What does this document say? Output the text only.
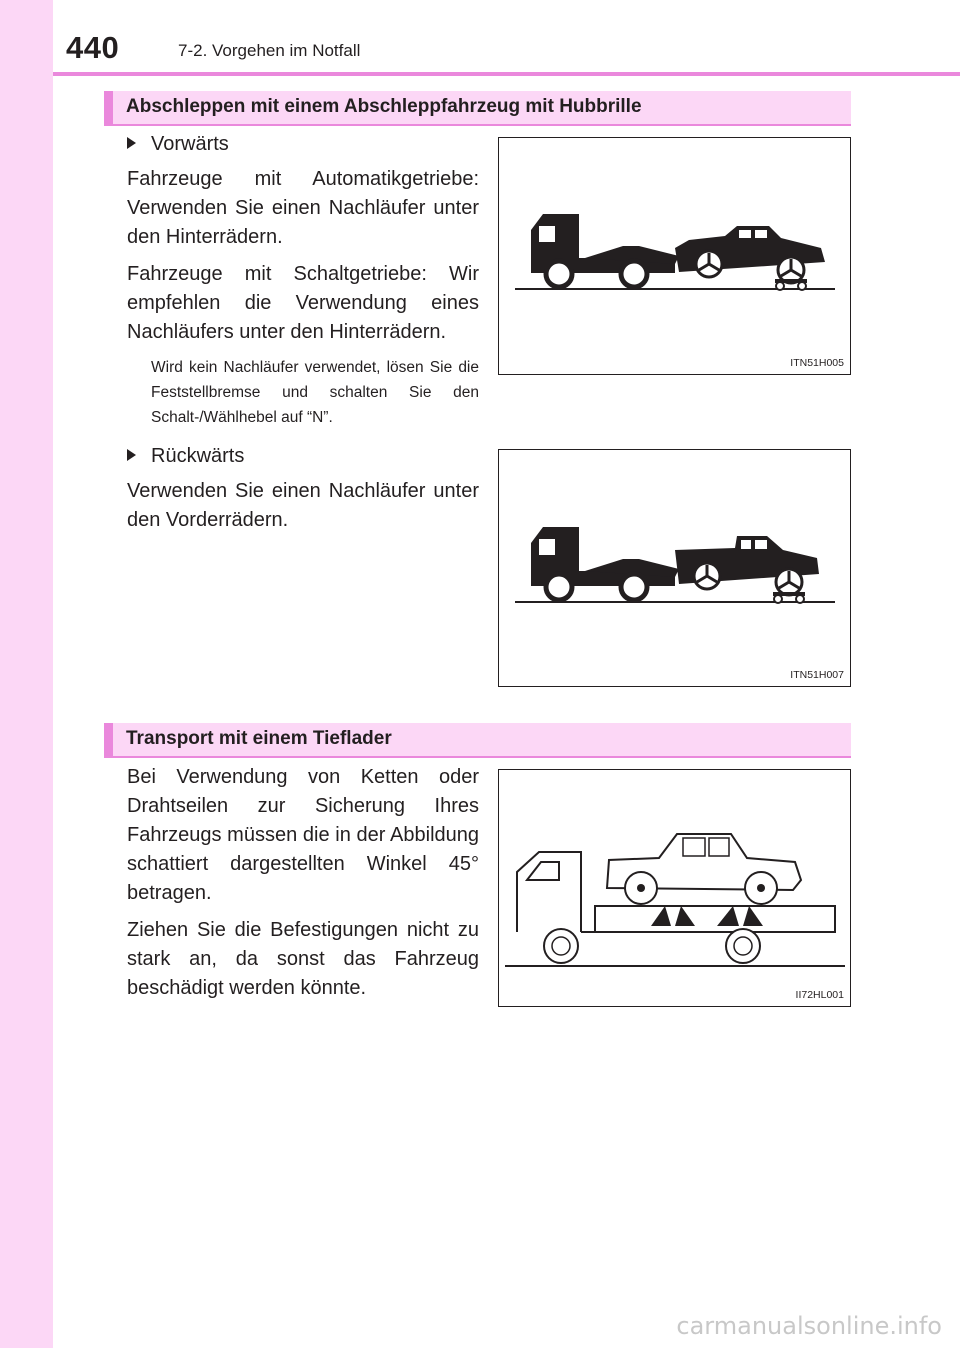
440	7-2. Vorgehen im Notfall
Abschleppen mit einem Abschleppfahrzeug mit Hubbrille
Vorwärts
Fahrzeuge mit Automatikgetriebe: Verwenden Sie einen Nachläufer unter den Hinterrädern.
Fahrzeuge mit Schaltgetriebe: Wir empfehlen die Verwendung eines Nachläufers unter den Hinterrädern.
Wird kein Nachläufer verwendet, lösen Sie die Feststellbremse und schalten Sie den Schalt-/Wählhebel auf “N”.
ITN51H005
Rückwärts
Verwenden Sie einen Nachläufer unter den Vorderrädern.
ITN51H007
Transport mit einem Tieflader
Bei Verwendung von Ketten oder Drahtseilen zur Sicherung Ihres Fahrzeugs müssen die in der Abbildung schattiert dargestellten Winkel 45° betragen.
Ziehen Sie die Befestigungen nicht zu stark an, da sonst das Fahrzeug beschädigt werden könnte.	II72HL001
carmanualsonline.info
